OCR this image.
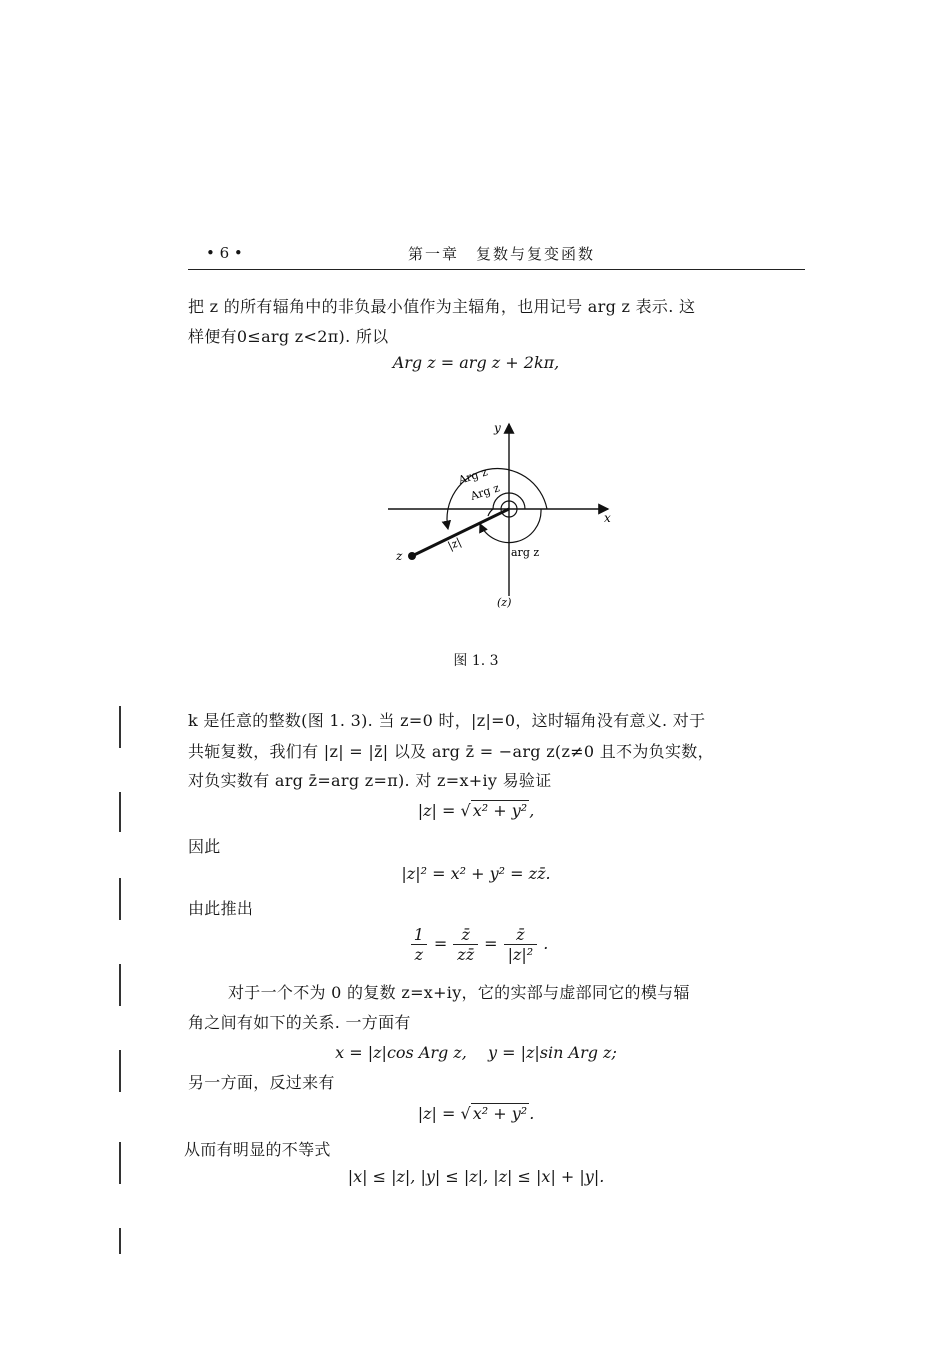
• 6 •	第一章　复数与复变函数
把 z 的所有辐角中的非负最小值作为主辐角，也用记号 arg z 表示. 这
样便有0≤arg z<2π). 所以
Arg z = arg z + 2kπ,
y
x
z
|z|
Arg z
Arg z
arg z
(z)
图 1. 3
k 是任意的整数(图 1. 3). 当 z=0 时，|z|=0，这时辐角没有意义. 对于
共轭复数，我们有 |z| = |z̄| 以及 arg z̄ = −arg z(z≠0 且不为负实数，
对负实数有 arg z̄=arg z=π). 对 z=x+iy 易验证
|z| = √ x² + y² ,
因此
|z|² = x² + y² = zz̄.
由此推出
$\frac{1}{z} = \frac{z̄}{zz̄} = \frac{z̄}{\text{|z|²}}$ .
对于一个不为 0 的复数 z=x+iy，它的实部与虚部同它的模与辐
角之间有如下的关系. 一方面有
x = |z|cos Arg z,　 y = |z|sin Arg z;
另一方面，反过来有
|z| = √ x² + y² .
从而有明显的不等式
|x| ≤ |z|, |y| ≤ |z|, |z| ≤ |x| + |y|.
